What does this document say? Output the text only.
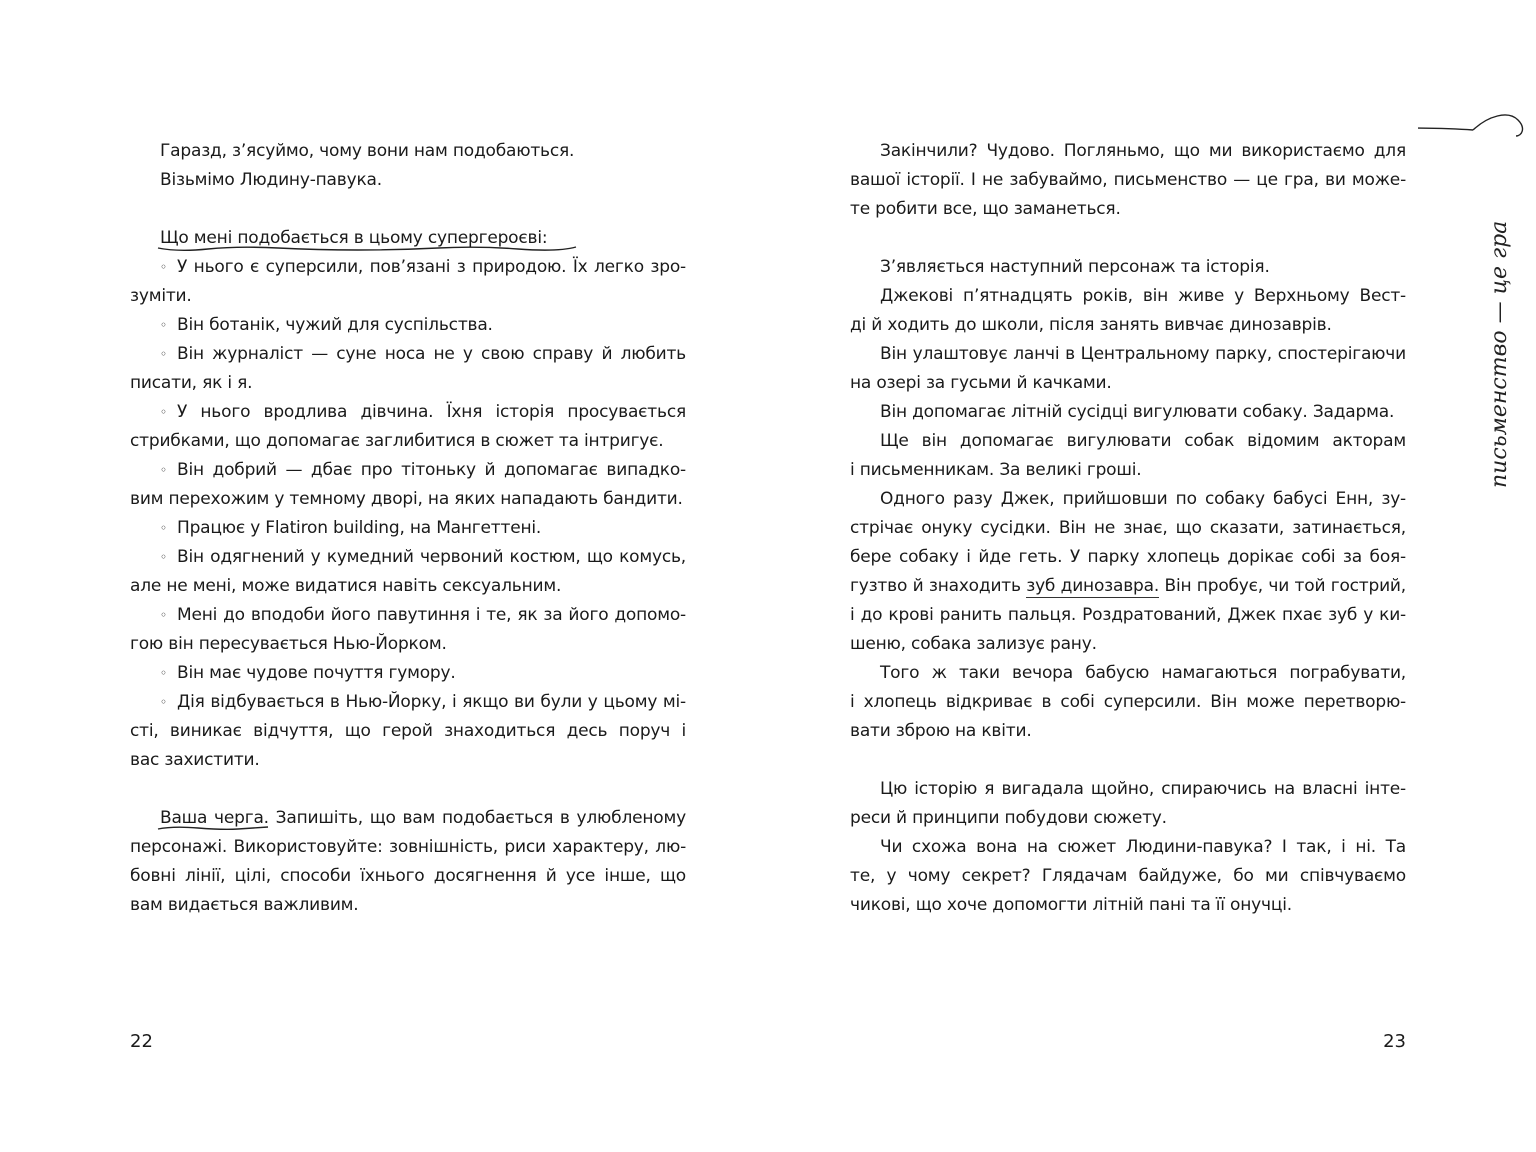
Гаразд, з’ясуймо, чому вони нам подобаються.
Візьмімо Людину-павука.
Що мені подобається в цьому супергероєві:
◦ У нього є суперсили, пов’язані з природою. Їх легко зро-
зуміти.
◦ Він ботанік, чужий для суспільства.
◦ Він журналіст — суне носа не у свою справу й любить
писати, як і я.
◦ У нього вродлива дівчина. Їхня історія просувається
стрибками, що допомагає заглибитися в сюжет та інтригує.
◦ Він добрий — дбає про тітоньку й допомагає випадко-
вим перехожим у темному дворі, на яких нападають бандити.
◦ Працює у Flatiron building, на Мангеттені.
◦ Він одягнений у кумедний червоний костюм, що комусь,
але не мені, може видатися навіть сексуальним.
◦ Мені до вподоби його павутиння і те, як за його допомо-
гою він пересувається Нью-Йорком.
◦ Він має чудове почуття гумору.
◦ Дія відбувається в Нью-Йорку, і якщо ви були у цьому мі-
сті, виникає відчуття, що герой знаходиться десь поруч і
вас захистити.
Ваша черга.
Запишіть, що вам подобається в улюбленому
персонажі. Використовуйте: зовнішність, риси характеру, лю-
бовні лінії, цілі, способи їхнього досягнення й усе інше, що
вам видається важливим.
22
Закінчили? Чудово. Погляньмо, що ми використаємо для
вашої історії. І не забуваймо, письменство — це гра, ви може-
те робити все, що заманеться.
З’являється наступний персонаж та історія.
Джекові п’ятнадцять років, він живе у Верхньому Вест-
ді й ходить до школи, після занять вивчає динозаврів.
Він улаштовує ланчі в Центральному парку, спостерігаючи
на озері за гусьми й качками.
Він допомагає літній сусідці вигулювати собаку. Задарма.
Ще він допомагає вигулювати собак відомим акторам
і письменникам. За великі гроші.
Одного разу Джек, прийшовши по собаку бабусі Енн, зу-
стрічає онуку сусідки. Він не знає, що сказати, затинається,
бере собаку і йде геть. У парку хлопець дорікає собі за боя-
гузтво й знаходить зуб динозавра. Він пробує, чи той гострий,
і до крові ранить пальця. Роздратований, Джек пхає зуб у ки-
шеню, собака зализує рану.
Того ж таки вечора бабусю намагаються пограбувати,
і хлопець відкриває в собі суперсили. Він може перетворю-
вати зброю на квіти.
Цю історію я вигадала щойно, спираючись на власні інте-
реси й принципи побудови сюжету.
Чи схожа вона на сюжет Людини-павука? І так, і ні. Та
те, у чому секрет? Глядачам байдуже, бо ми співчуваємо
чикові, що хоче допомогти літній пані та її онучці.
23
письменство — це гра
